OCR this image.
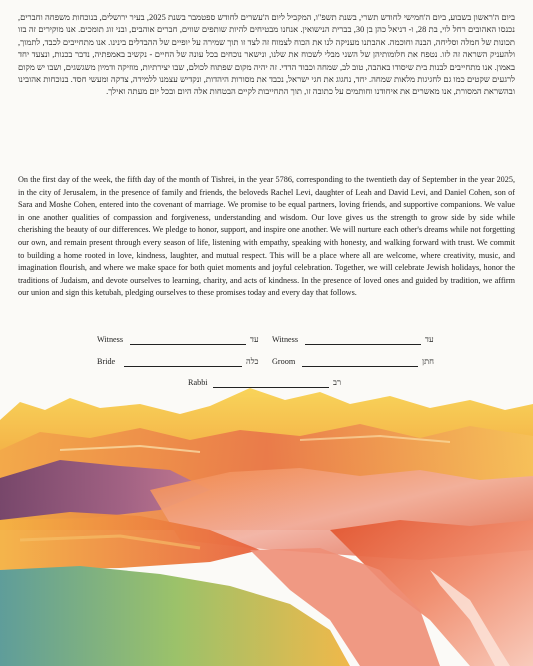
ביום ה'ראשון בשבוע, ביום ה'חמישי לחודש תשרי, בשנת תשפ"ו, המקביל ליום ה'עשרים לחודש ספטמבר בשנת 2025, בעיר ירושלים, בנוכחות משפחה וחברים, נכנסו האהובים רחל לוי, בת 28, ו- דניאל כהן בן 30, בברית הנישואין. אנחנו מבטיחים להיות שותפים שווים, חברים אוהבים, ובני זוג תומכים. אנו מוקירים זה בזו תכונות של חמלה וסליחה, הבנה וחוכמה. אהבתנו מעניקה לנו את הכוח לצמוח זה לצד זו תוך שמירה על יופיים של ההבדלים בינינו. אנו מתחייבים לכבד, לתמוך, ולהעניק השראה זה לזו. נטפח את חלומותיהן של השני מבלי לשכוח את שלנו, ונישאר נוכחים בכל עונה של החיים - נקשיב באמפתיה, נדבר בכנות, ונצעד יחד באמון. אנו מתחייבים לבנות בית שיסודו באהבה, טוב לב, שמחה וכבוד הדדי. זה יהיה מקום שפתוח לכולם, שבו יצירתיות, מוזיקה ודמיון משגשגים, ושבו יש מקום לרגעים שקטים כמו גם לחגיגות מלאות שמחה. יחד, נחגוג את חגי ישראל, נכבד את מסורות היהדות, ונקדיש עצמנו ללמידה, צדקה ומעשי חסד. בנוכחות אהובינו ובהשראת המסורת, אנו מאשרים את איחודנו וחותמים על כתובה זו, תוך התחייבות לקיים הבטחות אלה היום ובכל יום מעתה ואילך.
On the first day of the week, the fifth day of the month of Tishrei, in the year 5786, corresponding to the twentieth day of September in the year 2025, in the city of Jerusalem, in the presence of family and friends, the beloveds Rachel Levi, daughter of Leah and David Levi, and Daniel Cohen, son of Sara and Moshe Cohen, entered into the covenant of marriage. We promise to be equal partners, loving friends, and supportive companions. We value in one another qualities of compassion and forgiveness, understanding and wisdom. Our love gives us the strength to grow side by side while cherishing the beauty of our differences. We pledge to honor, support, and inspire one another. We will nurture each other's dreams while not forgetting our own, and remain present through every season of life, listening with empathy, speaking with honesty, and walking forward with trust. We commit to building a home rooted in love, kindness, laughter, and mutual respect. This will be a place where all are welcome, where creativity, music, and imagination flourish, and where we make space for both quiet moments and joyful celebration. Together, we will celebrate Jewish holidays, honor the traditions of Judaism, and devote ourselves to learning, charity, and acts of kindness. In the presence of loved ones and guided by tradition, we affirm our union and sign this ketubah, pledging ourselves to these promises today and every day that follows.
Witness	עד Witness	עד
Bride	כלה Groom	חתן
Rabbi	רב
